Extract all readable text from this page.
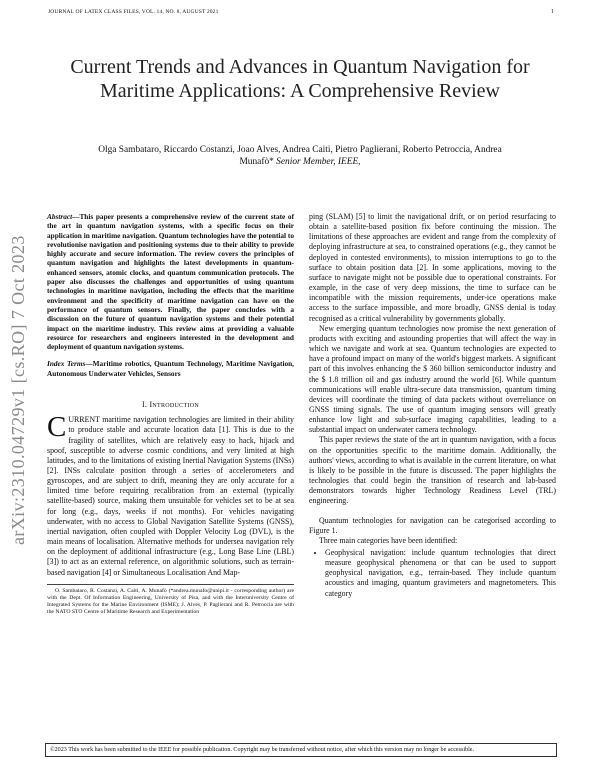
JOURNAL OF LATEX CLASS FILES, VOL. 14, NO. 8, AUGUST 2021	1
arXiv:2310.04729v1 [cs.RO] 7 Oct 2023
Current Trends and Advances in Quantum Navigation for Maritime Applications: A Comprehensive Review
Olga Sambataro, Riccardo Costanzi, Joao Alves, Andrea Caiti, Pietro Paglierani, Roberto Petroccia, Andrea Munafò* Senior Member, IEEE,
Abstract—This paper presents a comprehensive review of the current state of the art in quantum navigation systems, with a specific focus on their application in maritime navigation. Quantum technologies have the potential to revolutionise navigation and positioning systems due to their ability to provide highly accurate and secure information. The review covers the principles of quantum navigation and highlights the latest developments in quantum-enhanced sensors, atomic clocks, and quantum communication protocols. The paper also discusses the challenges and opportunities of using quantum technologies in maritime navigation, including the effects that the maritime environment and the specificity of maritime navigation can have on the performance of quantum sensors. Finally, the paper concludes with a discussion on the future of quantum navigation systems and their potential impact on the maritime industry. This review aims at providing a valuable resource for researchers and engineers interested in the development and deployment of quantum navigation systems.
Index Terms—Maritime robotics, Quantum Technology, Maritime Navigation, Autonomous Underwater Vehicles, Sensors
I. Introduction

CURRENT maritime navigation technologies are limited in their ability to produce stable and accurate location data [1]. This is due to the fragility of satellites, which are relatively easy to hack, hijack and spoof, susceptible to adverse cosmic conditions, and very limited at high latitudes, and to the limitations of existing Inertial Navigation Systems (INSs) [2]. INSs calculate position through a series of accelerometers and gyroscopes, and are subject to drift, meaning they are only accurate for a limited time before requiring recalibration from an external (typically satellite-based) source, making them unsuitable for vehicles set to be at sea for long (e.g., days, weeks if not months). For vehicles navigating underwater, with no access to Global Navigation Satellite Systems (GNSS), inertial navigation, often coupled with Doppler Velocity Log (DVL), is the main means of localisation. Alternative methods for undersea navigation rely on the deployment of additional infrastructure (e.g., Long Base Line (LBL) [3]) to act as an external reference, on algorithmic solutions, such as terrain-based navigation [4] or Simultaneous Localisation And Map-

O. Sambataro, R. Costanzi, A. Caiti, A. Munafò (*andrea.munafo@unipi.it - corresponding author) are with the Dept. Of Information Engineering, University of Pisa, and with the Interuniversity Centre of Integrated Systems for the Marine Environment (ISME); J. Alves, P. Paglierani and R. Petroccia are with the NATO STO Centre of Maritime Research and Experimentation

ping (SLAM) [5] to limit the navigational drift, or on period resurfacing to obtain a satellite-based position fix before continuing the mission. The limitations of these approaches are evident and range from the complexity of deploying infrastructure at sea, to constrained operations (e.g., they cannot be deployed in contested environments), to mission interruptions to go to the surface to obtain position data [2]. In some applications, moving to the surface to navigate might not be possible due to operational constraints. For example, in the case of very deep missions, the time to surface can be incompatible with the mission requirements, under-ice operations make access to the surface impossible, and more broadly, GNSS denial is today recognised as a critical vulnerability by governments globally.

New emerging quantum technologies now promise the next generation of products with exciting and astounding properties that will affect the way in which we navigate and work at sea. Quantum technologies are expected to have a profound impact on many of the world's biggest markets. A significant part of this involves enhancing the $ 360 billion semiconductor industry and the $ 1.8 trillion oil and gas industry around the world [6]. While quantum communications will enable ultra-secure data transmission, quantum timing devices will coordinate the timing of data packets without overreliance on GNSS timing signals. The use of quantum imaging sensors will greatly enhance low light and sub-surface imaging capabilities, leading to a substantial impact on underwater camera technology.

This paper reviews the state of the art in quantum navigation, with a focus on the opportunities specific to the maritime domain. Additionally, the authors' views, according to what is available in the current literature, on what is likely to be possible in the future is discussed. The paper highlights the technologies that could begin the transition of research and lab-based demonstrators towards higher Technology Readiness Level (TRL) engineering.

Quantum technologies for navigation can be categorised according to Figure 1.

Three main categories have been identified:

• Geophysical navigation: include quantum technologies that direct measure geophysical phenomena or that can be used to support geophysical navigation, e.g., terrain-based. They include quantum acoustics and imaging, quantum gravimeters and magnetometers. This category
©2023 This work has been submitted to the IEEE for possible publication. Copyright may be transferred without notice, after which this version may no longer be accessible.
